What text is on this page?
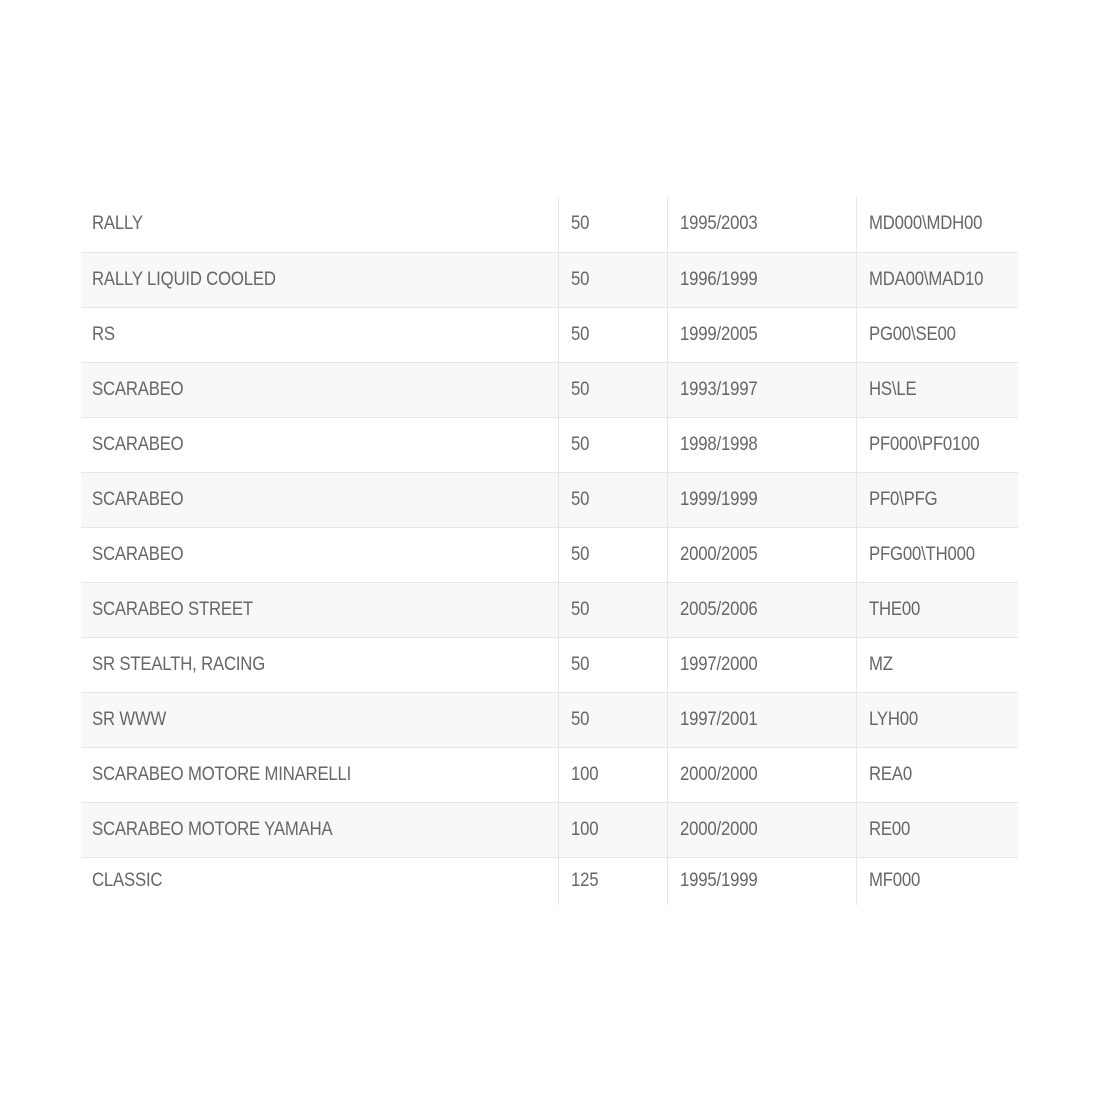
RALLY	50	1995/2003	MD000\MDH00
RALLY LIQUID COOLED	50	1996/1999	MDA00\MAD10
RS	50	1999/2005	PG00\SE00
SCARABEO	50	1993/1997	HS\LE
SCARABEO	50	1998/1998	PF000\PF0100
SCARABEO	50	1999/1999	PF0\PFG
SCARABEO	50	2000/2005	PFG00\TH000
SCARABEO STREET	50	2005/2006	THE00
SR STEALTH, RACING	50	1997/2000	MZ
SR WWW	50	1997/2001	LYH00
SCARABEO MOTORE MINARELLI	100	2000/2000	REA0
SCARABEO MOTORE YAMAHA	100	2000/2000	RE00
CLASSIC	125	1995/1999	MF000
